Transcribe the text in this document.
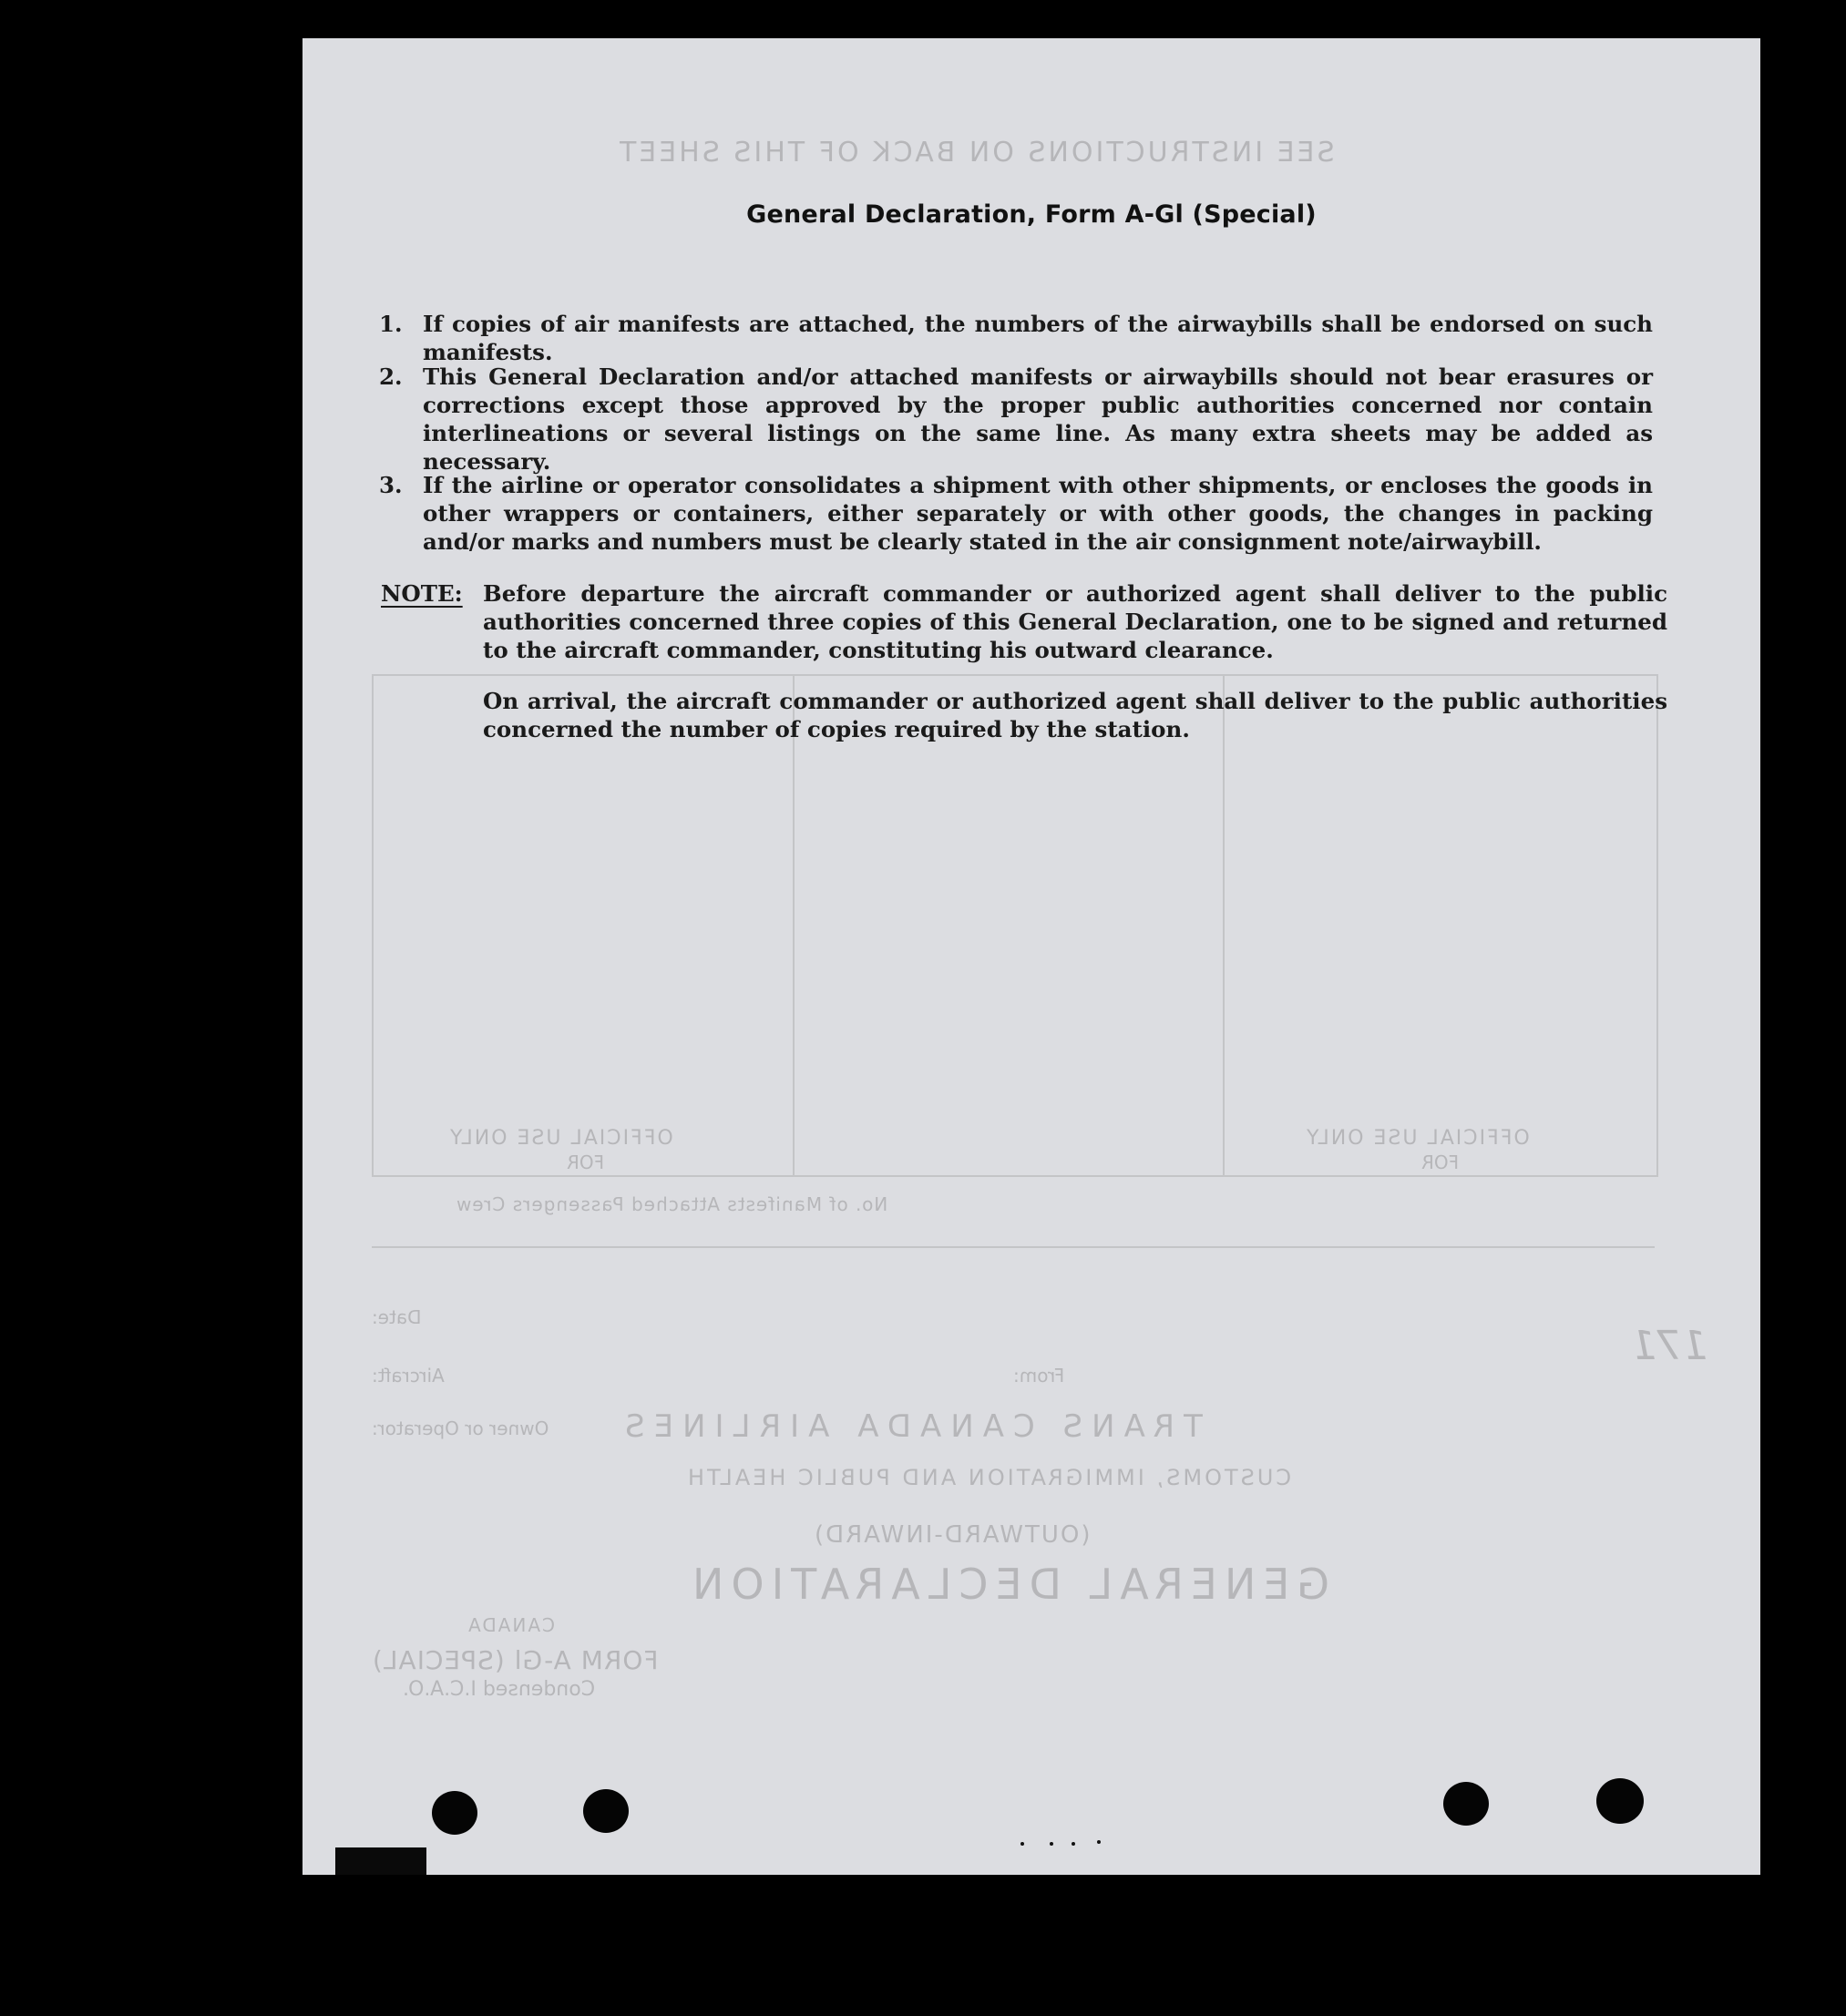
SEE INSTRUCTIONS ON BACK OF THIS SHEET
OFFICIAL USE ONLY
FOR
OFFICIAL USE ONLY
FOR
No. of Manifests Attached Passengers Crew
Date:
Aircraft:	From:
Owner or Operator: TRANS CANADA AIRLINES
CUSTOMS, IMMIGRATION AND PUBLIC HEALTH
(OUTWARD-INWARD)
GENERAL DECLARATION
CANADA
FORM A-Gl (SPECIAL)
Condensed I.C.A.O.
171
General Declaration, Form A-Gl (Special)
1. If copies of air manifests are attached, the numbers of the airwaybills shall be endorsed on such manifests.
2. This General Declaration and/or attached manifests or airwaybills should not bear erasures or corrections except those approved by the proper public authorities concerned nor contain interlineations or several listings on the same line. As many extra sheets may be added as necessary.
3. If the airline or operator consolidates a shipment with other shipments, or encloses the goods in other wrappers or containers, either separately or with other goods, the changes in packing and/or marks and numbers must be clearly stated in the air consignment note/airwaybill.
NOTE: Before departure the aircraft commander or authorized agent shall deliver to the public authorities concerned three copies of this General Declaration, one to be signed and returned to the aircraft commander, constituting his outward clearance.
On arrival, the aircraft commander or authorized agent shall deliver to the public authorities concerned the number of copies required by the station.
